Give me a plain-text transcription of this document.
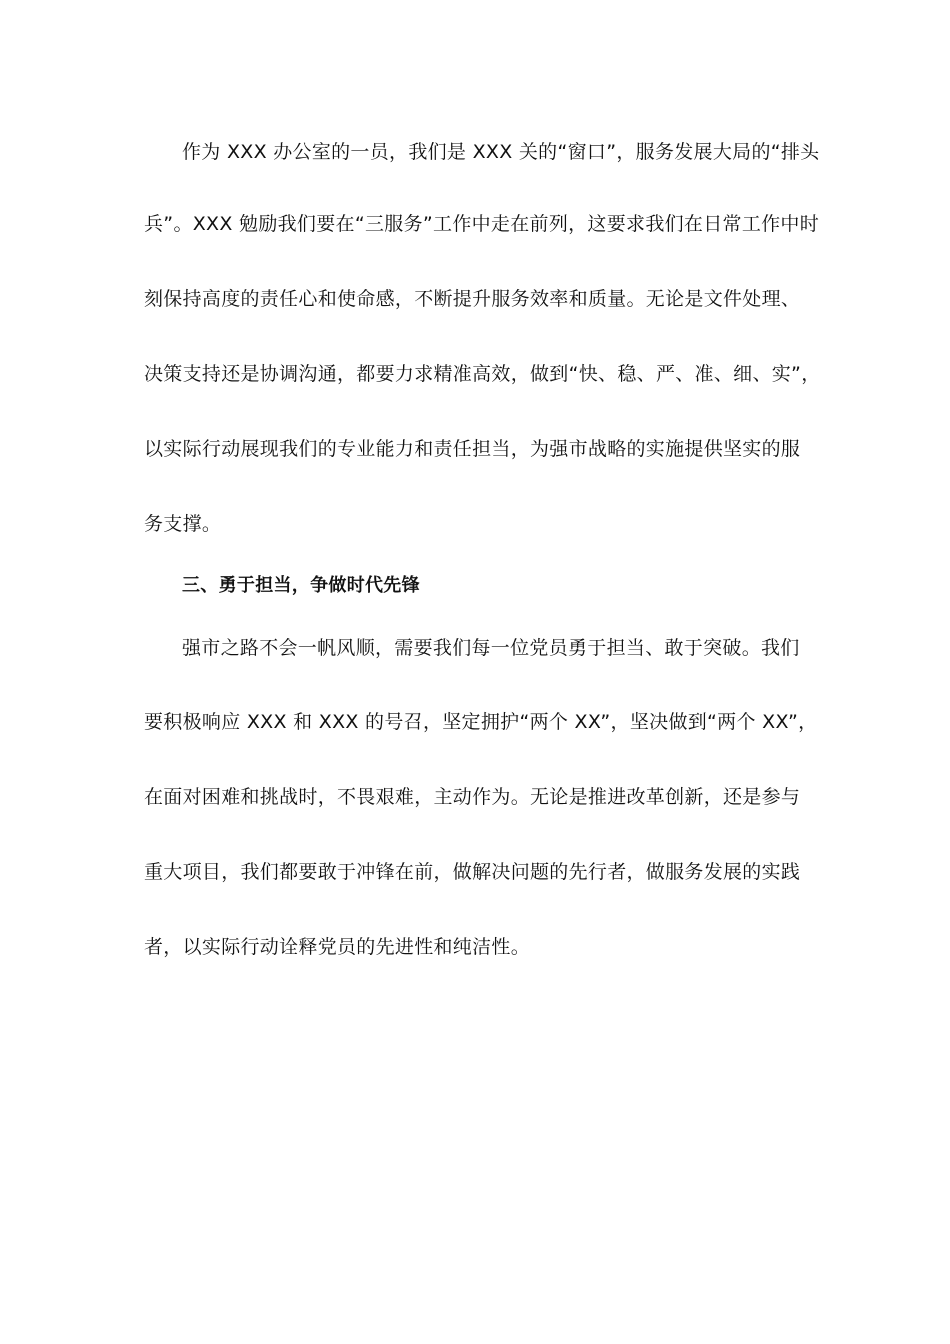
作为 XXX 办公室的一员，我们是 XXX 关的“窗口”，服务发展大局的“排头
兵”。XXX 勉励我们要在“三服务”工作中走在前列，这要求我们在日常工作中时
刻保持高度的责任心和使命感，不断提升服务效率和质量。无论是文件处理、
决策支持还是协调沟通，都要力求精准高效，做到“快、稳、严、准、细、实”，
以实际行动展现我们的专业能力和责任担当，为强市战略的实施提供坚实的服
务支撑。
三、勇于担当，争做时代先锋
强市之路不会一帆风顺，需要我们每一位党员勇于担当、敢于突破。我们
要积极响应 XXX 和 XXX 的号召，坚定拥护“两个 XX”，坚决做到“两个 XX”，
在面对困难和挑战时，不畏艰难，主动作为。无论是推进改革创新，还是参与
重大项目，我们都要敢于冲锋在前，做解决问题的先行者，做服务发展的实践
者，以实际行动诠释党员的先进性和纯洁性。
